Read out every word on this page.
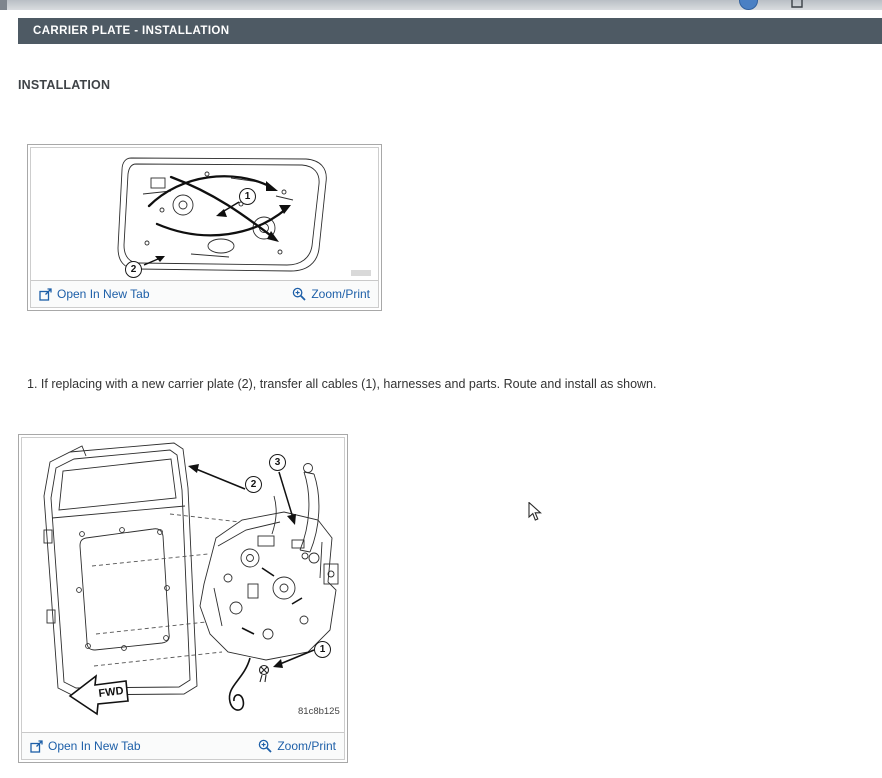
CARRIER PLATE - INSTALLATION
INSTALLATION
1
2
Open In New Tab	Zoom/Print
1. If replacing with a new carrier plate (2), transfer all cables (1), harnesses and parts. Route and install as shown.
FWD
81c8b125
1
2
3
Open In New Tab	Zoom/Print
